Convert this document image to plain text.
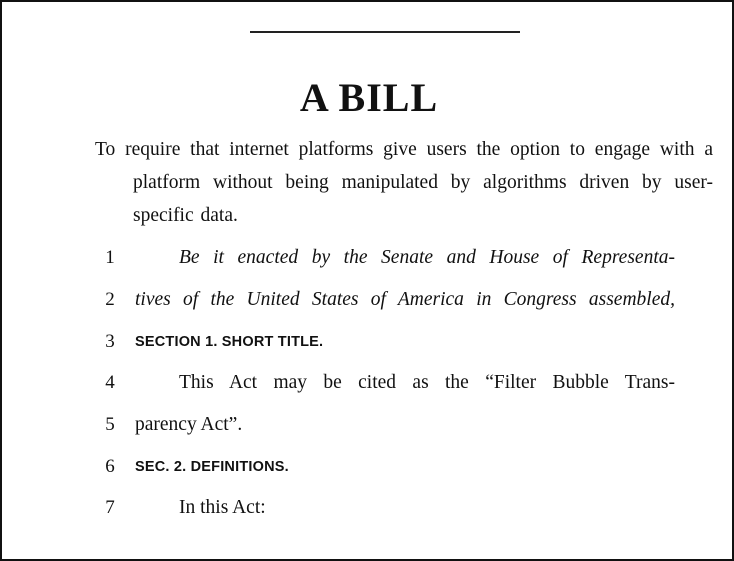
A BILL
To require that internet platforms give users the option to engage with a platform without being manipulated by algorithms driven by user-specific data.
1	Be it enacted by the Senate and House of Representa-
2	tives of the United States of America in Congress assembled,
3	SECTION 1. SHORT TITLE.
4	This Act may be cited as the “Filter Bubble Trans-
5	parency Act”.
6	SEC. 2. DEFINITIONS.
7	In this Act:
